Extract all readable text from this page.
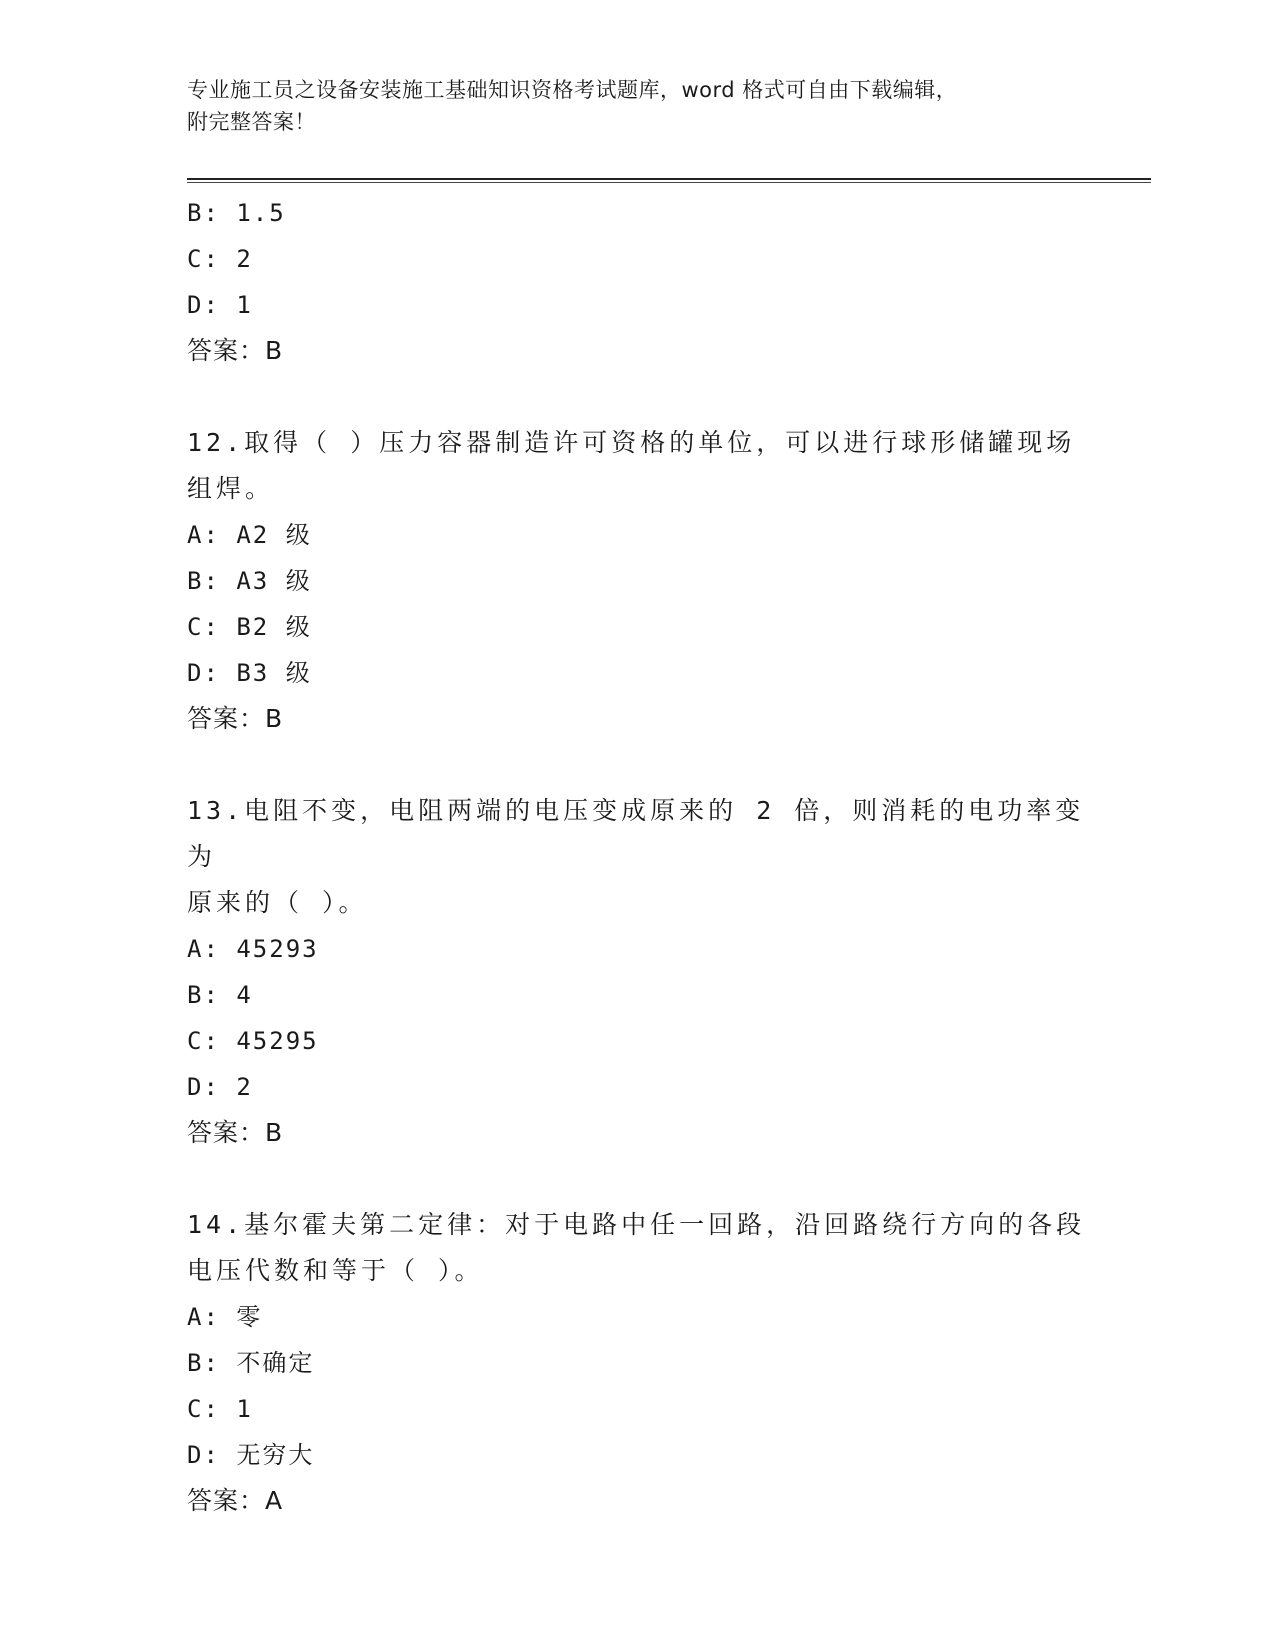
专业施工员之设备安装施工基础知识资格考试题库，word 格式可自由下载编辑，
附完整答案！
B: 1.5
C: 2
D: 1
答案：B
12.取得（ ）压力容器制造许可资格的单位，可以进行球形储罐现场
组焊。
A: A2 级
B: A3 级
C: B2 级
D: B3 级
答案：B
13.电阻不变，电阻两端的电压变成原来的 2 倍，则消耗的电功率变为
原来的（ ）。
A: 45293
B: 4
C: 45295
D: 2
答案：B
14.基尔霍夫第二定律：对于电路中任一回路，沿回路绕行方向的各段
电压代数和等于（ ）。
A: 零
B: 不确定
C: 1
D: 无穷大
答案：A
